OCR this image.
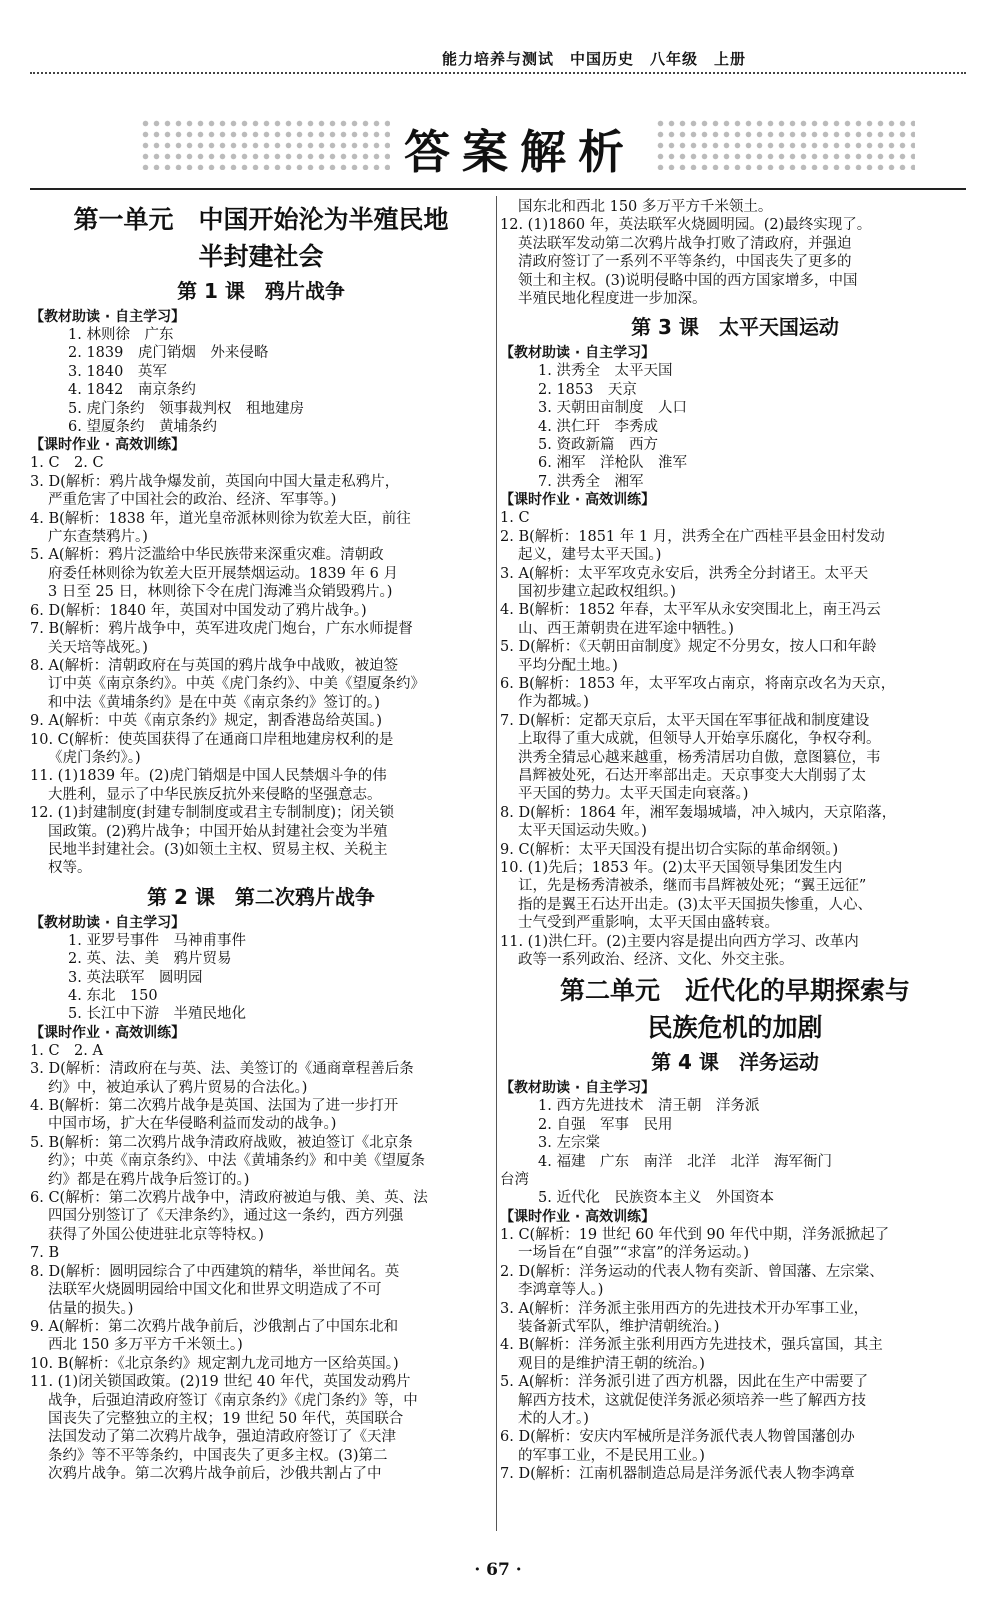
能力培养与测试　中国历史　八年级　上册
答案解析
第一单元　中国开始沦为半殖民地
半封建社会
第 1 课　鸦片战争
【教材助读 · 自主学习】
1. 林则徐　广东
2. 1839　虎门销烟　外来侵略
3. 1840　英军
4. 1842　南京条约
5. 虎门条约　领事裁判权　租地建房
6. 望厦条约　黄埔条约
【课时作业 · 高效训练】
1. C　2. C
3. D(解析：鸦片战争爆发前，英国向中国大量走私鸦片，
严重危害了中国社会的政治、经济、军事等。)
4. B(解析：1838 年，道光皇帝派林则徐为钦差大臣，前往
广东查禁鸦片。)
5. A(解析：鸦片泛滥给中华民族带来深重灾难。清朝政
府委任林则徐为钦差大臣开展禁烟运动。1839 年 6 月
3 日至 25 日，林则徐下令在虎门海滩当众销毁鸦片。)
6. D(解析：1840 年，英国对中国发动了鸦片战争。)
7. B(解析：鸦片战争中，英军进攻虎门炮台，广东水师提督
关天培等战死。)
8. A(解析：清朝政府在与英国的鸦片战争中战败，被迫签
订中英《南京条约》。中英《虎门条约》、中美《望厦条约》
和中法《黄埔条约》是在中英《南京条约》签订的。)
9. A(解析：中英《南京条约》规定，割香港岛给英国。)
10. C(解析：使英国获得了在通商口岸租地建房权利的是
《虎门条约》。)
11. (1)1839 年。(2)虎门销烟是中国人民禁烟斗争的伟
大胜利，显示了中华民族反抗外来侵略的坚强意志。
12. (1)封建制度(封建专制制度或君主专制制度)；闭关锁
国政策。(2)鸦片战争；中国开始从封建社会变为半殖
民地半封建社会。(3)如领土主权、贸易主权、关税主
权等。
第 2 课　第二次鸦片战争
【教材助读 · 自主学习】
1. 亚罗号事件　马神甫事件
2. 英、法、美　鸦片贸易
3. 英法联军　圆明园
4. 东北　150
5. 长江中下游　半殖民地化
【课时作业 · 高效训练】
1. C　2. A
3. D(解析：清政府在与英、法、美签订的《通商章程善后条
约》中，被迫承认了鸦片贸易的合法化。)
4. B(解析：第二次鸦片战争是英国、法国为了进一步打开
中国市场，扩大在华侵略利益而发动的战争。)
5. B(解析：第二次鸦片战争清政府战败，被迫签订《北京条
约》；中英《南京条约》、中法《黄埔条约》和中美《望厦条
约》都是在鸦片战争后签订的。)
6. C(解析：第二次鸦片战争中，清政府被迫与俄、美、英、法
四国分别签订了《天津条约》，通过这一条约，西方列强
获得了外国公使进驻北京等特权。)
7. B
8. D(解析：圆明园综合了中西建筑的精华，举世闻名。英
法联军火烧圆明园给中国文化和世界文明造成了不可
估量的损失。)
9. A(解析：第二次鸦片战争前后，沙俄割占了中国东北和
西北 150 多万平方千米领土。)
10. B(解析：《北京条约》规定割九龙司地方一区给英国。)
11. (1)闭关锁国政策。(2)19 世纪 40 年代，英国发动鸦片
战争，后强迫清政府签订《南京条约》《虎门条约》等，中
国丧失了完整独立的主权；19 世纪 50 年代，英国联合
法国发动了第二次鸦片战争，强迫清政府签订了《天津
条约》等不平等条约，中国丧失了更多主权。(3)第二
次鸦片战争。第二次鸦片战争前后，沙俄共割占了中
国东北和西北 150 多万平方千米领土。
12. (1)1860 年，英法联军火烧圆明园。(2)最终实现了。
英法联军发动第二次鸦片战争打败了清政府，并强迫
清政府签订了一系列不平等条约，中国丧失了更多的
领土和主权。(3)说明侵略中国的西方国家增多，中国
半殖民地化程度进一步加深。
第 3 课　太平天国运动
【教材助读 · 自主学习】
1. 洪秀全　太平天国
2. 1853　天京
3. 天朝田亩制度　人口
4. 洪仁玕　李秀成
5. 资政新篇　西方
6. 湘军　洋枪队　淮军
7. 洪秀全　湘军
【课时作业 · 高效训练】
1. C
2. B(解析：1851 年 1 月，洪秀全在广西桂平县金田村发动
起义，建号太平天国。)
3. A(解析：太平军攻克永安后，洪秀全分封诸王。太平天
国初步建立起政权组织。)
4. B(解析：1852 年春，太平军从永安突围北上，南王冯云
山、西王萧朝贵在进军途中牺牲。)
5. D(解析：《天朝田亩制度》规定不分男女，按人口和年龄
平均分配土地。)
6. B(解析：1853 年，太平军攻占南京，将南京改名为天京，
作为都城。)
7. D(解析：定都天京后，太平天国在军事征战和制度建设
上取得了重大成就，但领导人开始享乐腐化，争权夺利。
洪秀全猜忌心越来越重，杨秀清居功自傲，意图篡位，韦
昌辉被处死，石达开率部出走。天京事变大大削弱了太
平天国的势力。太平天国走向衰落。)
8. D(解析：1864 年，湘军轰塌城墙，冲入城内，天京陷落，
太平天国运动失败。)
9. C(解析：太平天国没有提出切合实际的革命纲领。)
10. (1)先后；1853 年。(2)太平天国领导集团发生内
讧，先是杨秀清被杀，继而韦昌辉被处死；“翼王远征”
指的是翼王石达开出走。(3)太平天国损失惨重，人心、
士气受到严重影响，太平天国由盛转衰。
11. (1)洪仁玕。(2)主要内容是提出向西方学习、改革内
政等一系列政治、经济、文化、外交主张。
第二单元　近代化的早期探索与
民族危机的加剧
第 4 课　洋务运动
【教材助读 · 自主学习】
1. 西方先进技术　清王朝　洋务派
2. 自强　军事　民用
3. 左宗棠
4. 福建　广东　南洋　北洋　北洋　海军衙门
台湾
5. 近代化　民族资本主义　外国资本
【课时作业 · 高效训练】
1. C(解析：19 世纪 60 年代到 90 年代中期，洋务派掀起了
一场旨在“自强”“求富”的洋务运动。)
2. D(解析：洋务运动的代表人物有奕訢、曾国藩、左宗棠、
李鸿章等人。)
3. A(解析：洋务派主张用西方的先进技术开办军事工业，
装备新式军队，维护清朝统治。)
4. B(解析：洋务派主张利用西方先进技术，强兵富国，其主
观目的是维护清王朝的统治。)
5. A(解析：洋务派引进了西方机器，因此在生产中需要了
解西方技术，这就促使洋务派必须培养一些了解西方技
术的人才。)
6. D(解析：安庆内军械所是洋务派代表人物曾国藩创办
的军事工业，不是民用工业。)
7. D(解析：江南机器制造总局是洋务派代表人物李鸿章
· 67 ·
